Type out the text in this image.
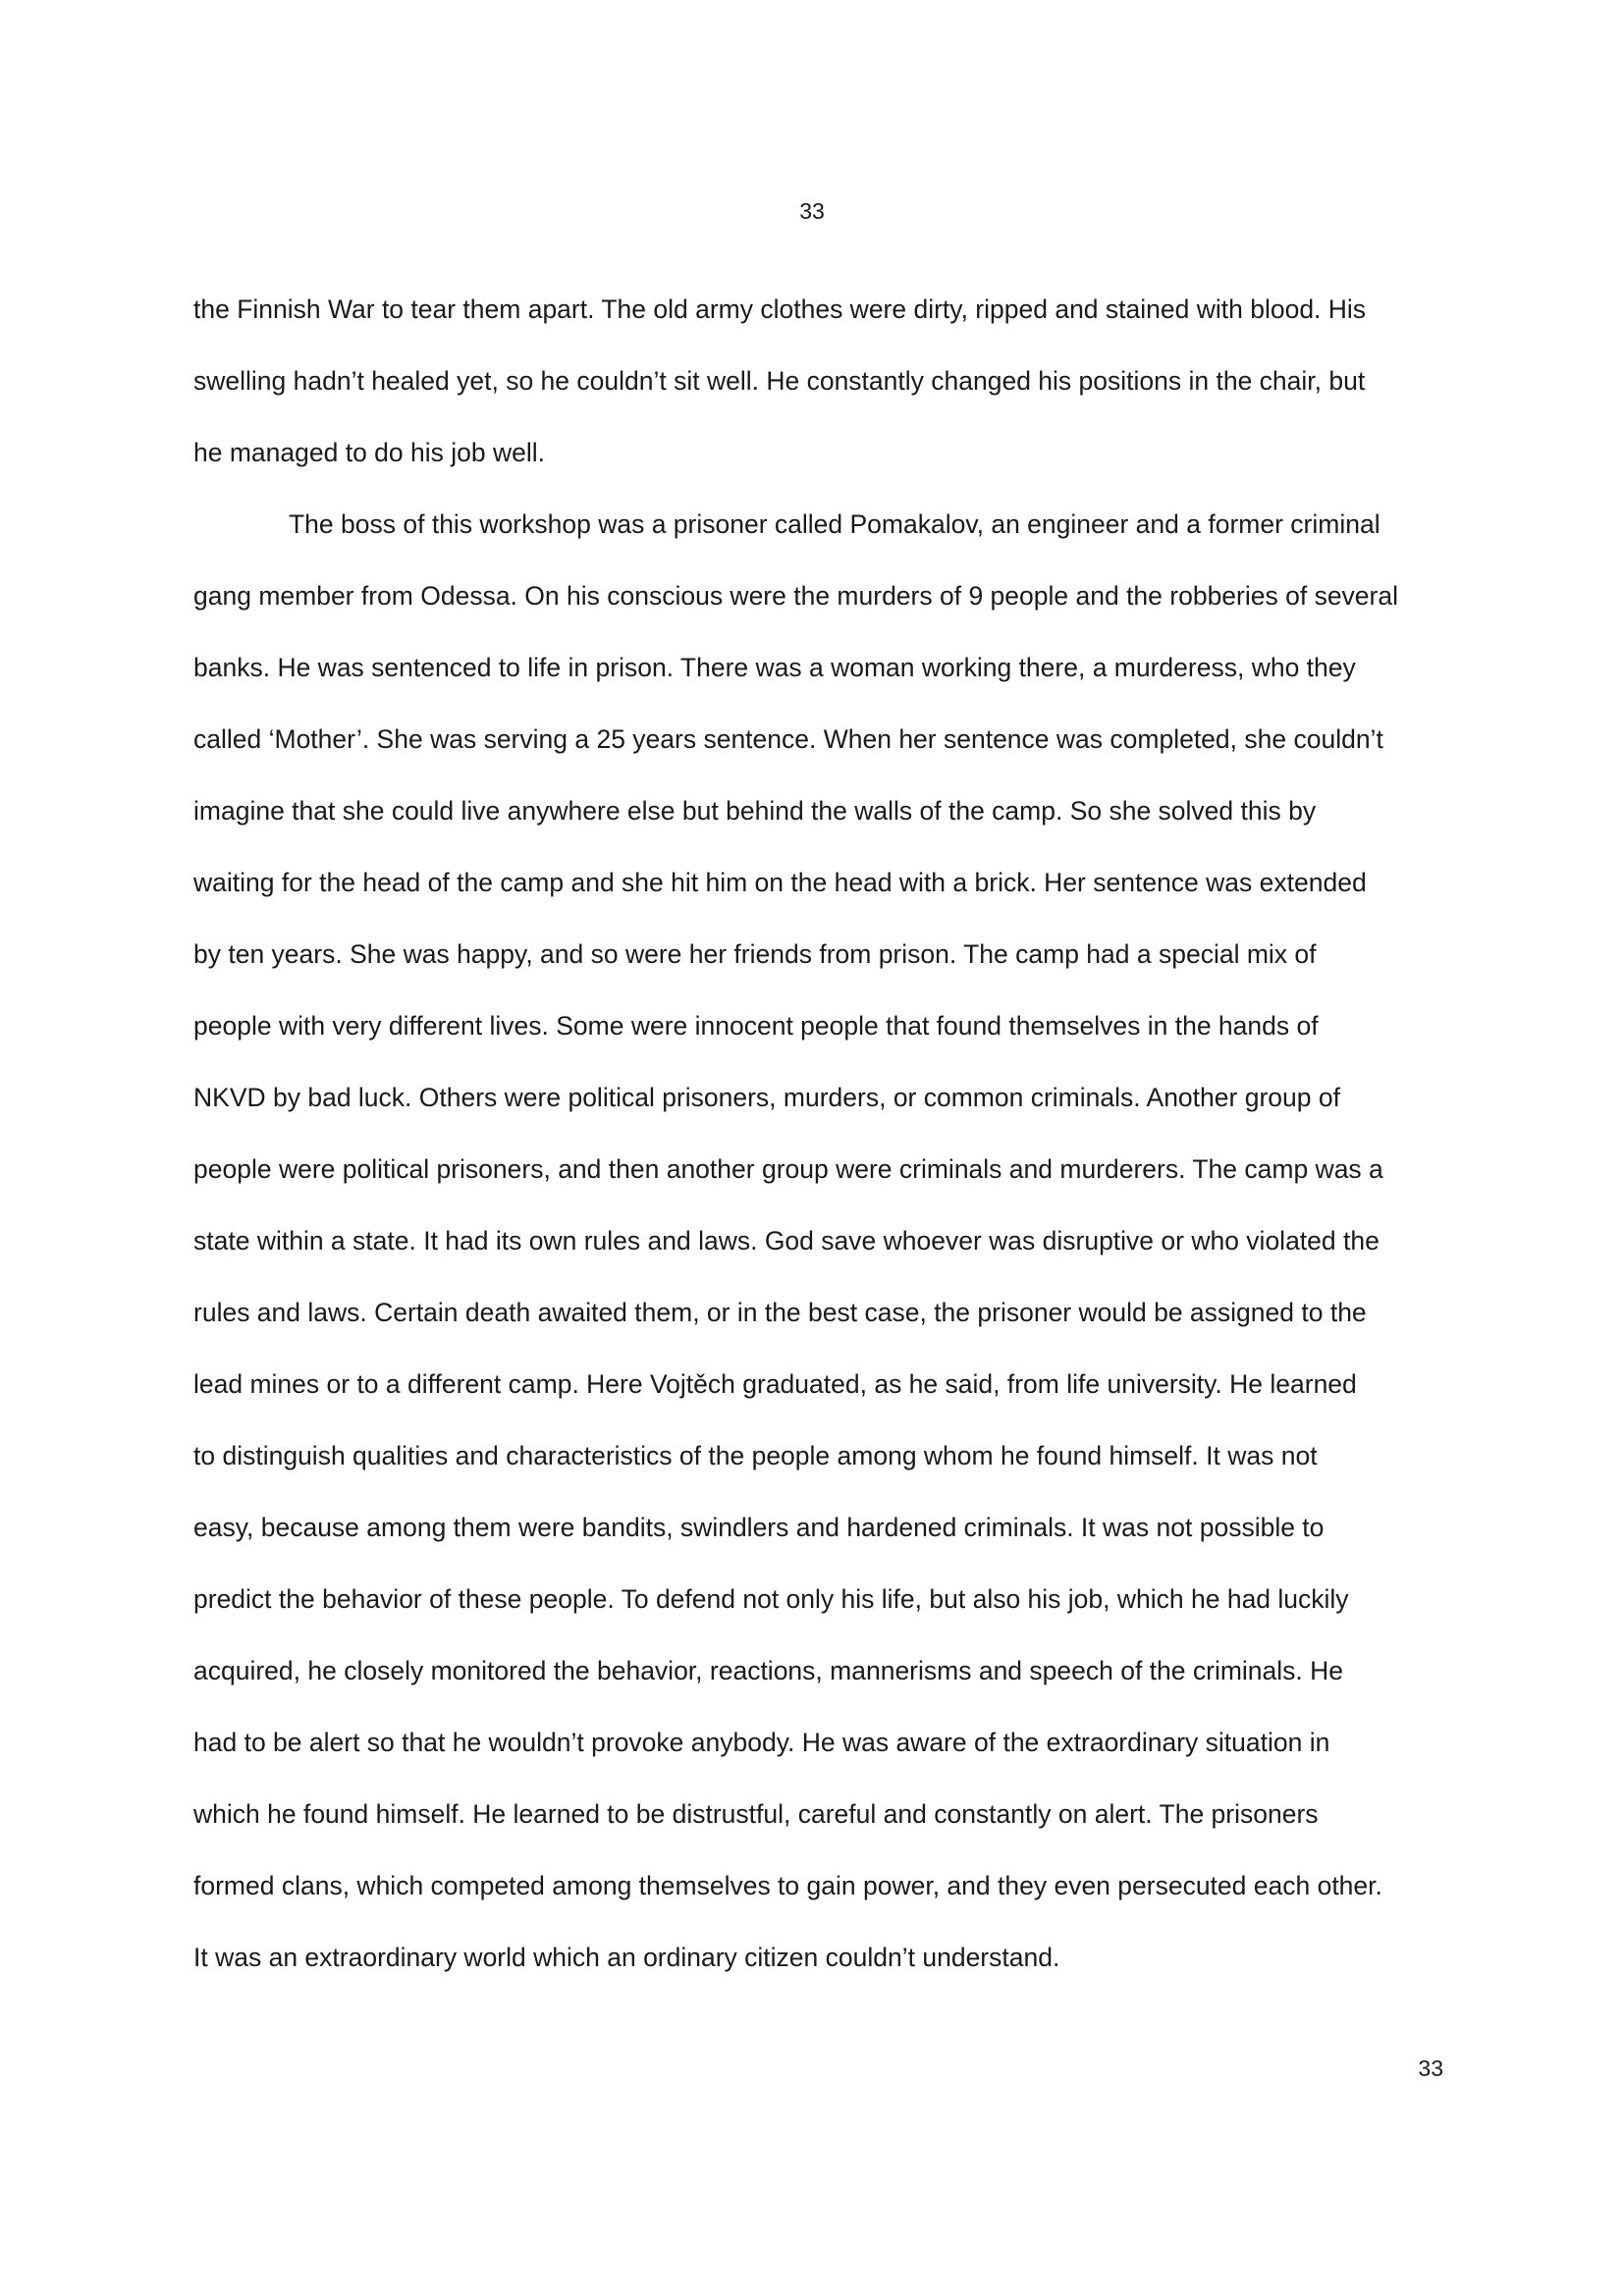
33
the Finnish War to tear them apart. The old army clothes were dirty, ripped and stained with blood. His
swelling hadn’t healed yet, so he couldn’t sit well. He constantly changed his positions in the chair, but
he managed to do his job well.
The boss of this workshop was a prisoner called Pomakalov, an engineer and a former criminal
gang member from Odessa. On his conscious were the murders of 9 people and the robberies of several
banks. He was sentenced to life in prison. There was a woman working there, a murderess, who they
called ‘Mother’. She was serving a 25 years sentence. When her sentence was completed, she couldn’t
imagine that she could live anywhere else but behind the walls of the camp. So she solved this by
waiting for the head of the camp and she hit him on the head with a brick. Her sentence was extended
by ten years. She was happy, and so were her friends from prison. The camp had a special mix of
people with very different lives. Some were innocent people that found themselves in the hands of
NKVD by bad luck. Others were political prisoners, murders, or common criminals. Another group of
people were political prisoners, and then another group were criminals and murderers. The camp was a
state within a state. It had its own rules and laws. God save whoever was disruptive or who violated the
rules and laws. Certain death awaited them, or in the best case, the prisoner would be assigned to the
lead mines or to a different camp. Here Vojtěch graduated, as he said, from life university. He learned
to distinguish qualities and characteristics of the people among whom he found himself. It was not
easy, because among them were bandits, swindlers and hardened criminals. It was not possible to
predict the behavior of these people. To defend not only his life, but also his job, which he had luckily
acquired, he closely monitored the behavior, reactions, mannerisms and speech of the criminals. He
had to be alert so that he wouldn’t provoke anybody. He was aware of the extraordinary situation in
which he found himself. He learned to be distrustful, careful and constantly on alert. The prisoners
formed clans, which competed among themselves to gain power, and they even persecuted each other.
It was an extraordinary world which an ordinary citizen couldn’t understand.
33
